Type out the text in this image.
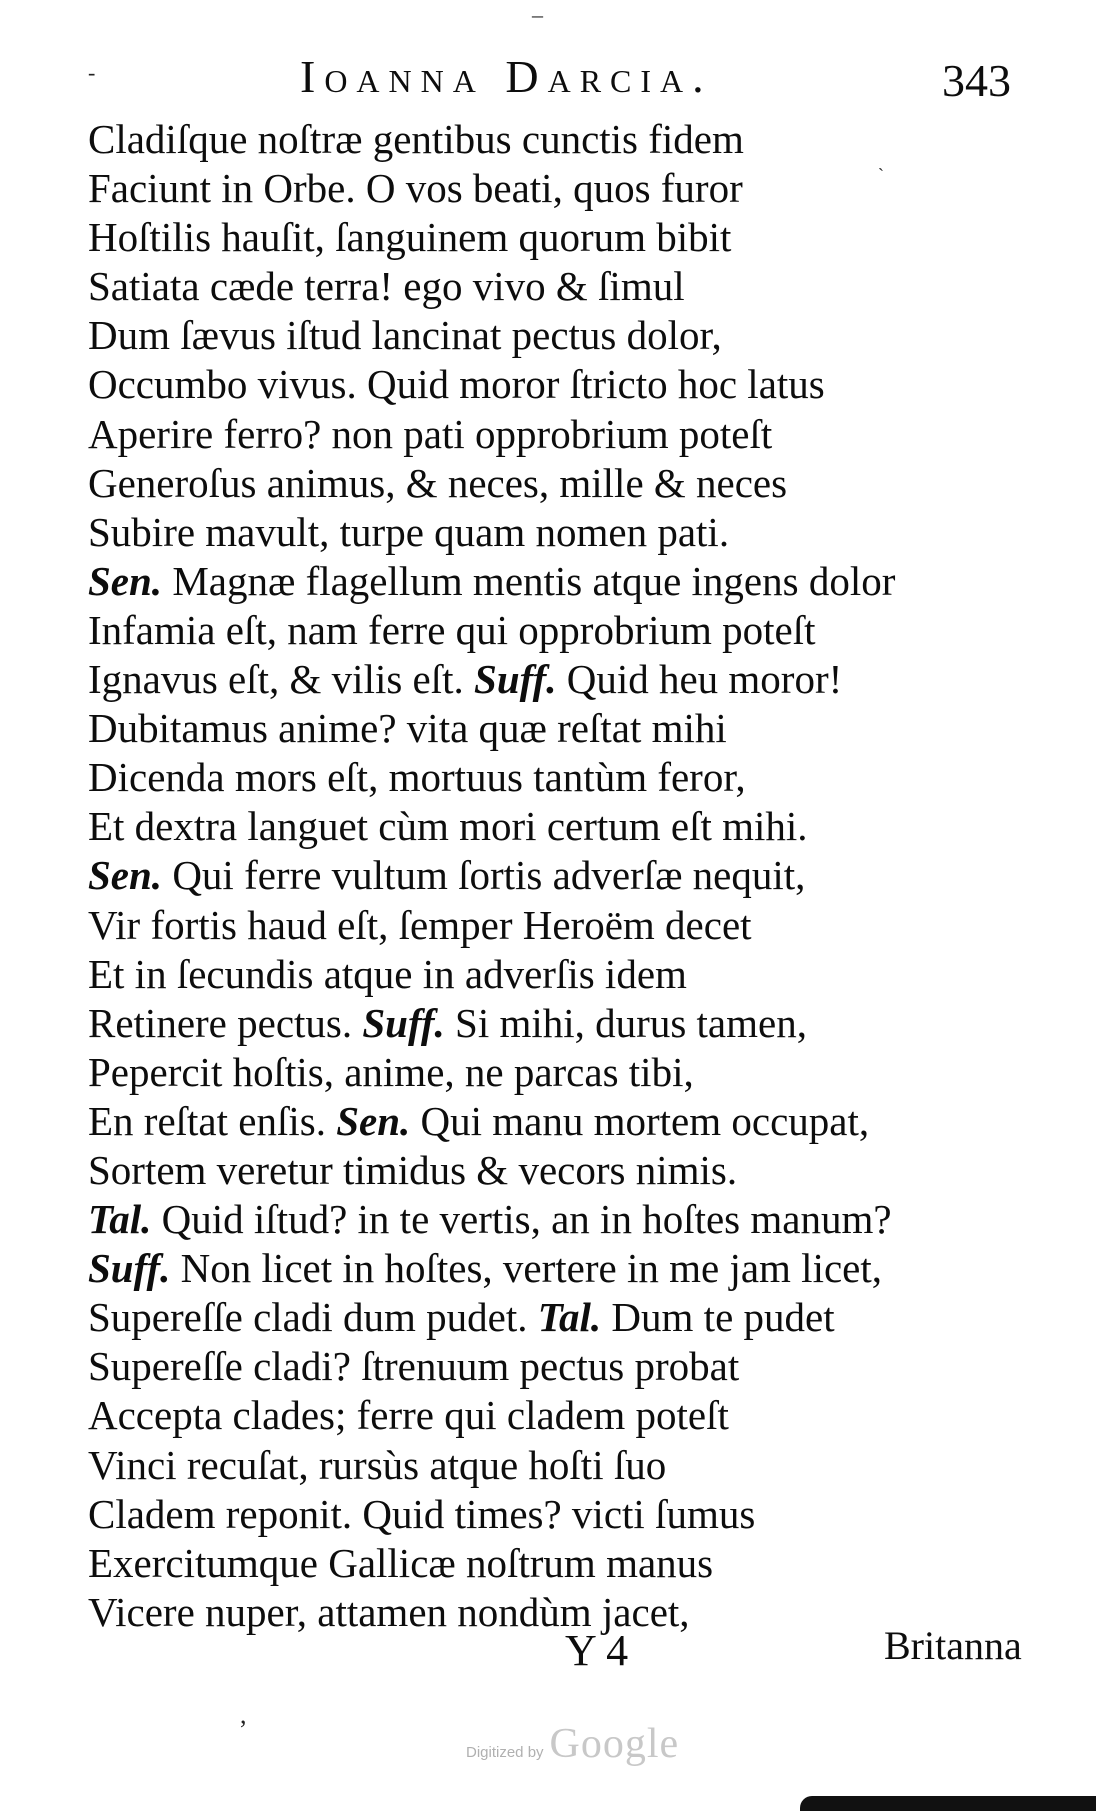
–
-
`
Ioanna Darcia.	343
Cladiſque noſtræ gentibus cunctis fidem
Faciunt in Orbe. O vos beati, quos furor
Hoſtilis hauſit, ſanguinem quorum bibit
Satiata cæde terra! ego vivo & ſimul
Dum ſævus iſtud lancinat pectus dolor,
Occumbo vivus. Quid moror ſtricto hoc latus
Aperire ferro? non pati opprobrium poteſt
Generoſus animus, & neces, mille & neces
Subire mavult, turpe quam nomen pati.
Sen. Magnæ flagellum mentis atque ingens dolor
Infamia eſt, nam ferre qui opprobrium poteſt
Ignavus eſt, & vilis eſt. Suff. Quid heu moror!
Dubitamus anime? vita quæ reſtat mihi
Dicenda mors eſt, mortuus tantùm feror,
Et dextra languet cùm mori certum eſt mihi.
Sen. Qui ferre vultum ſortis adverſæ nequit,
Vir fortis haud eſt, ſemper Heroëm decet
Et in ſecundis atque in adverſis idem
Retinere pectus. Suff. Si mihi, durus tamen,
Pepercit hoſtis, anime, ne parcas tibi,
En reſtat enſis. Sen. Qui manu mortem occupat,
Sortem veretur timidus & vecors nimis.
Tal. Quid iſtud? in te vertis, an in hoſtes manum?
Suff. Non licet in hoſtes, vertere in me jam licet,
Supereſſe cladi dum pudet. Tal. Dum te pudet
Supereſſe cladi? ſtrenuum pectus probat
Accepta clades; ferre qui cladem poteſt
Vinci recuſat, rursùs atque hoſti ſuo
Cladem reponit. Quid times? victi ſumus
Exercitumque Gallicæ noſtrum manus
Vicere nuper, attamen nondùm jacet,
Y 4	Britanna
,
Digitized by Google
